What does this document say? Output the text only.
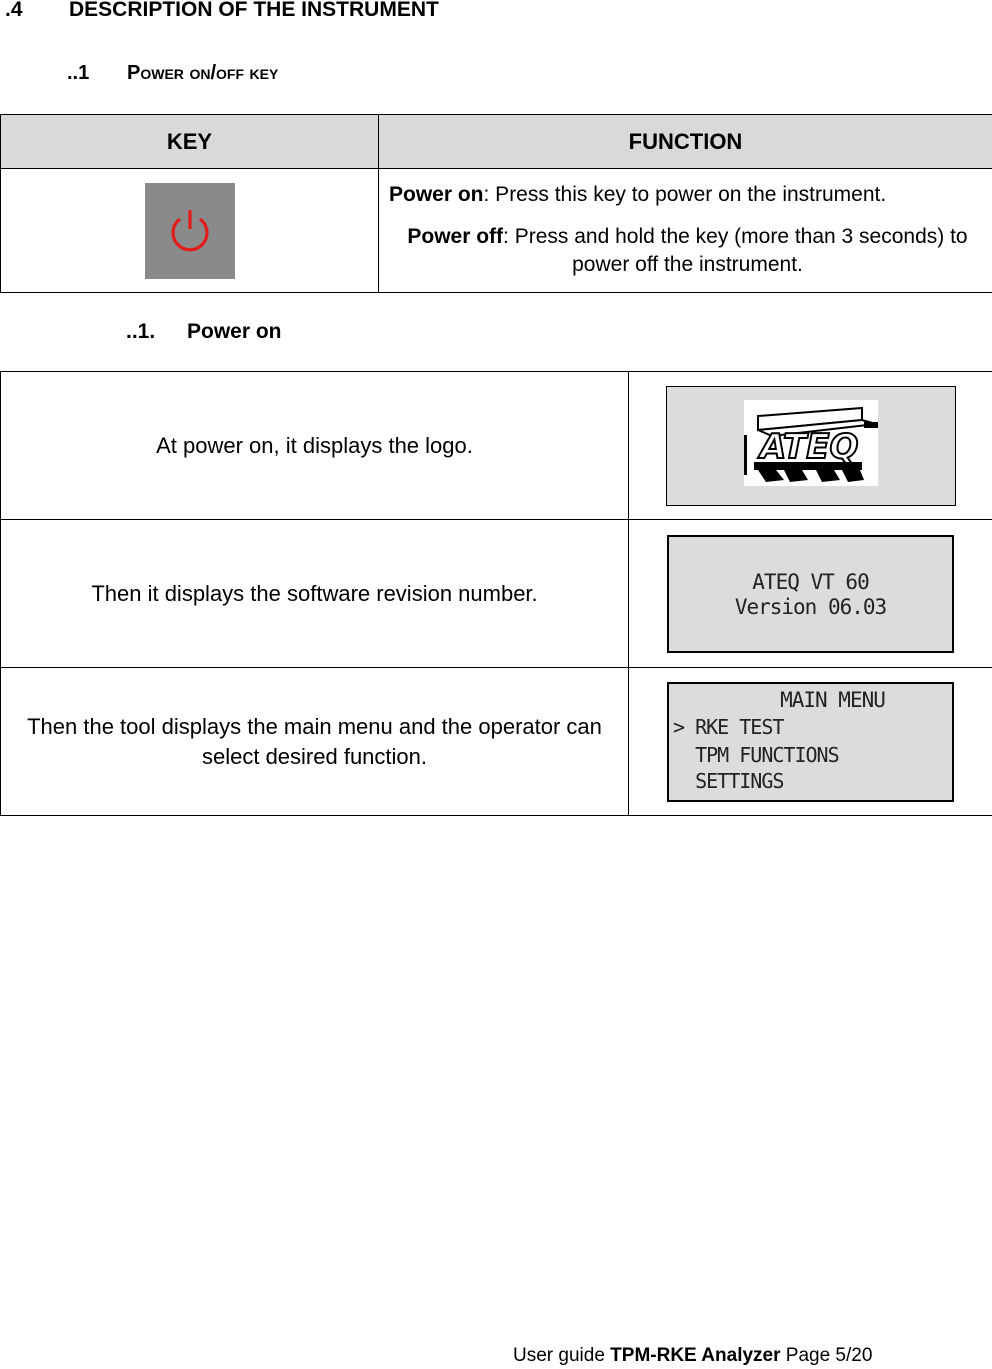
.4 DESCRIPTION OF THE INSTRUMENT
..1 Power on/off key
KEY	FUNCTION

Power on: Press this key to power on the instrument.
Power off: Press and hold the key (more than 3 seconds) to power off the instrument.
..1. Power on
At power on, it displays the logo.	ATEQ

Then it displays the software revision number.	ATEQ VT 60
Version 06.03

Then the tool displays the main menu and the operator can select desired function.	MAIN MENU
> RKE TEST
TPM FUNCTIONS
SETTINGS
User guide TPM-RKE Analyzer Page 5/20
